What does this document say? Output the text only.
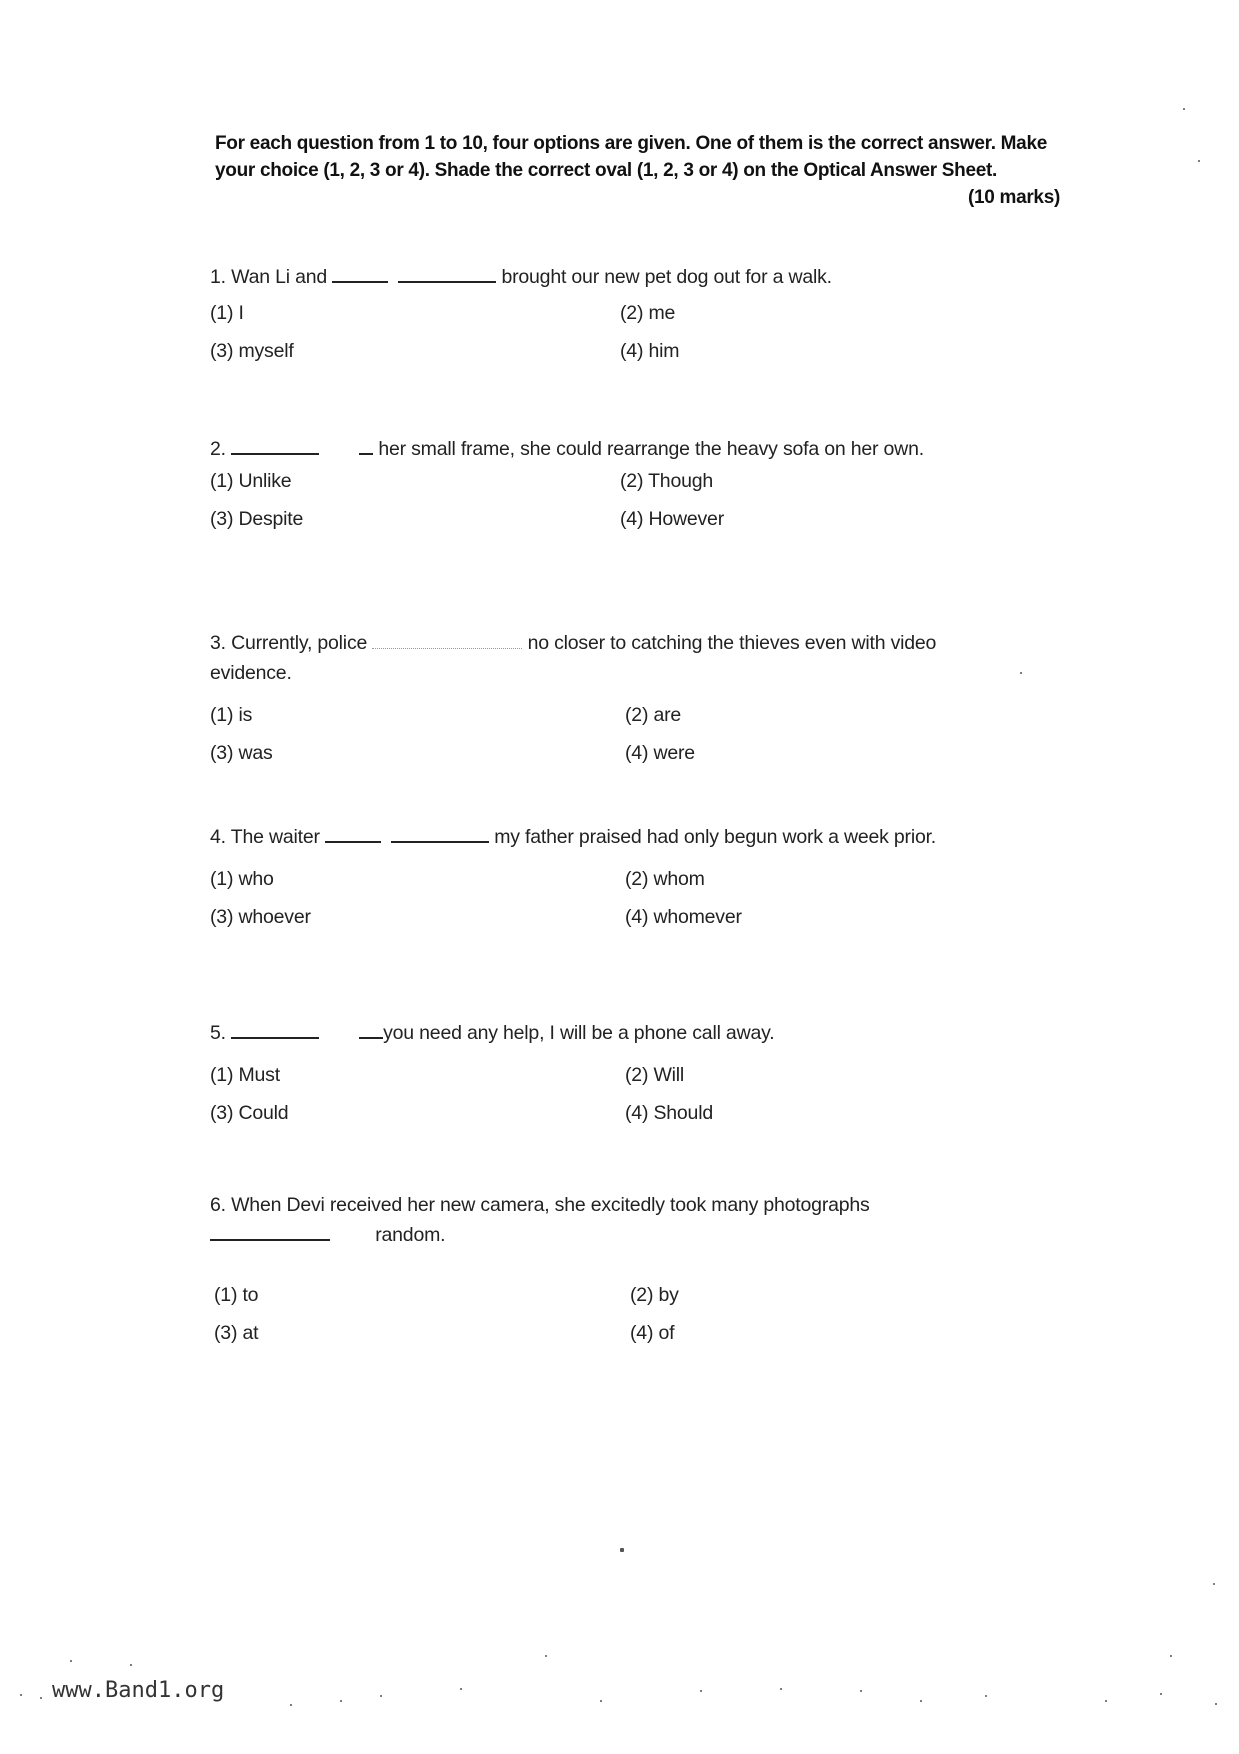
For each question from 1 to 10, four options are given. One of them is the correct answer. Make your choice (1, 2, 3 or 4). Shade the correct oval (1, 2, 3 or 4) on the Optical Answer Sheet.
(10 marks)
1. Wan Li and	brought our new pet dog out for a walk.
(1) I	(2) me
(3) myself	(4) him
2.	her small frame, she could rearrange the heavy sofa on her own.
(1) Unlike	(2) Though
(3) Despite	(4) However
3. Currently, police	no closer to catching the thieves even with video evidence.
(1) is	(2) are
(3) was	(4) were
4. The waiter	my father praised had only begun work a week prior.
(1) who	(2) whom
(3) whoever	(4) whomever
5.	you need any help, I will be a phone call away.
(1) Must	(2) Will
(3) Could	(4) Should
6. When Devi received her new camera, she excitedly took many photographs
random.
(1) to	(2) by
(3) at	(4) of
www.Band1.org
